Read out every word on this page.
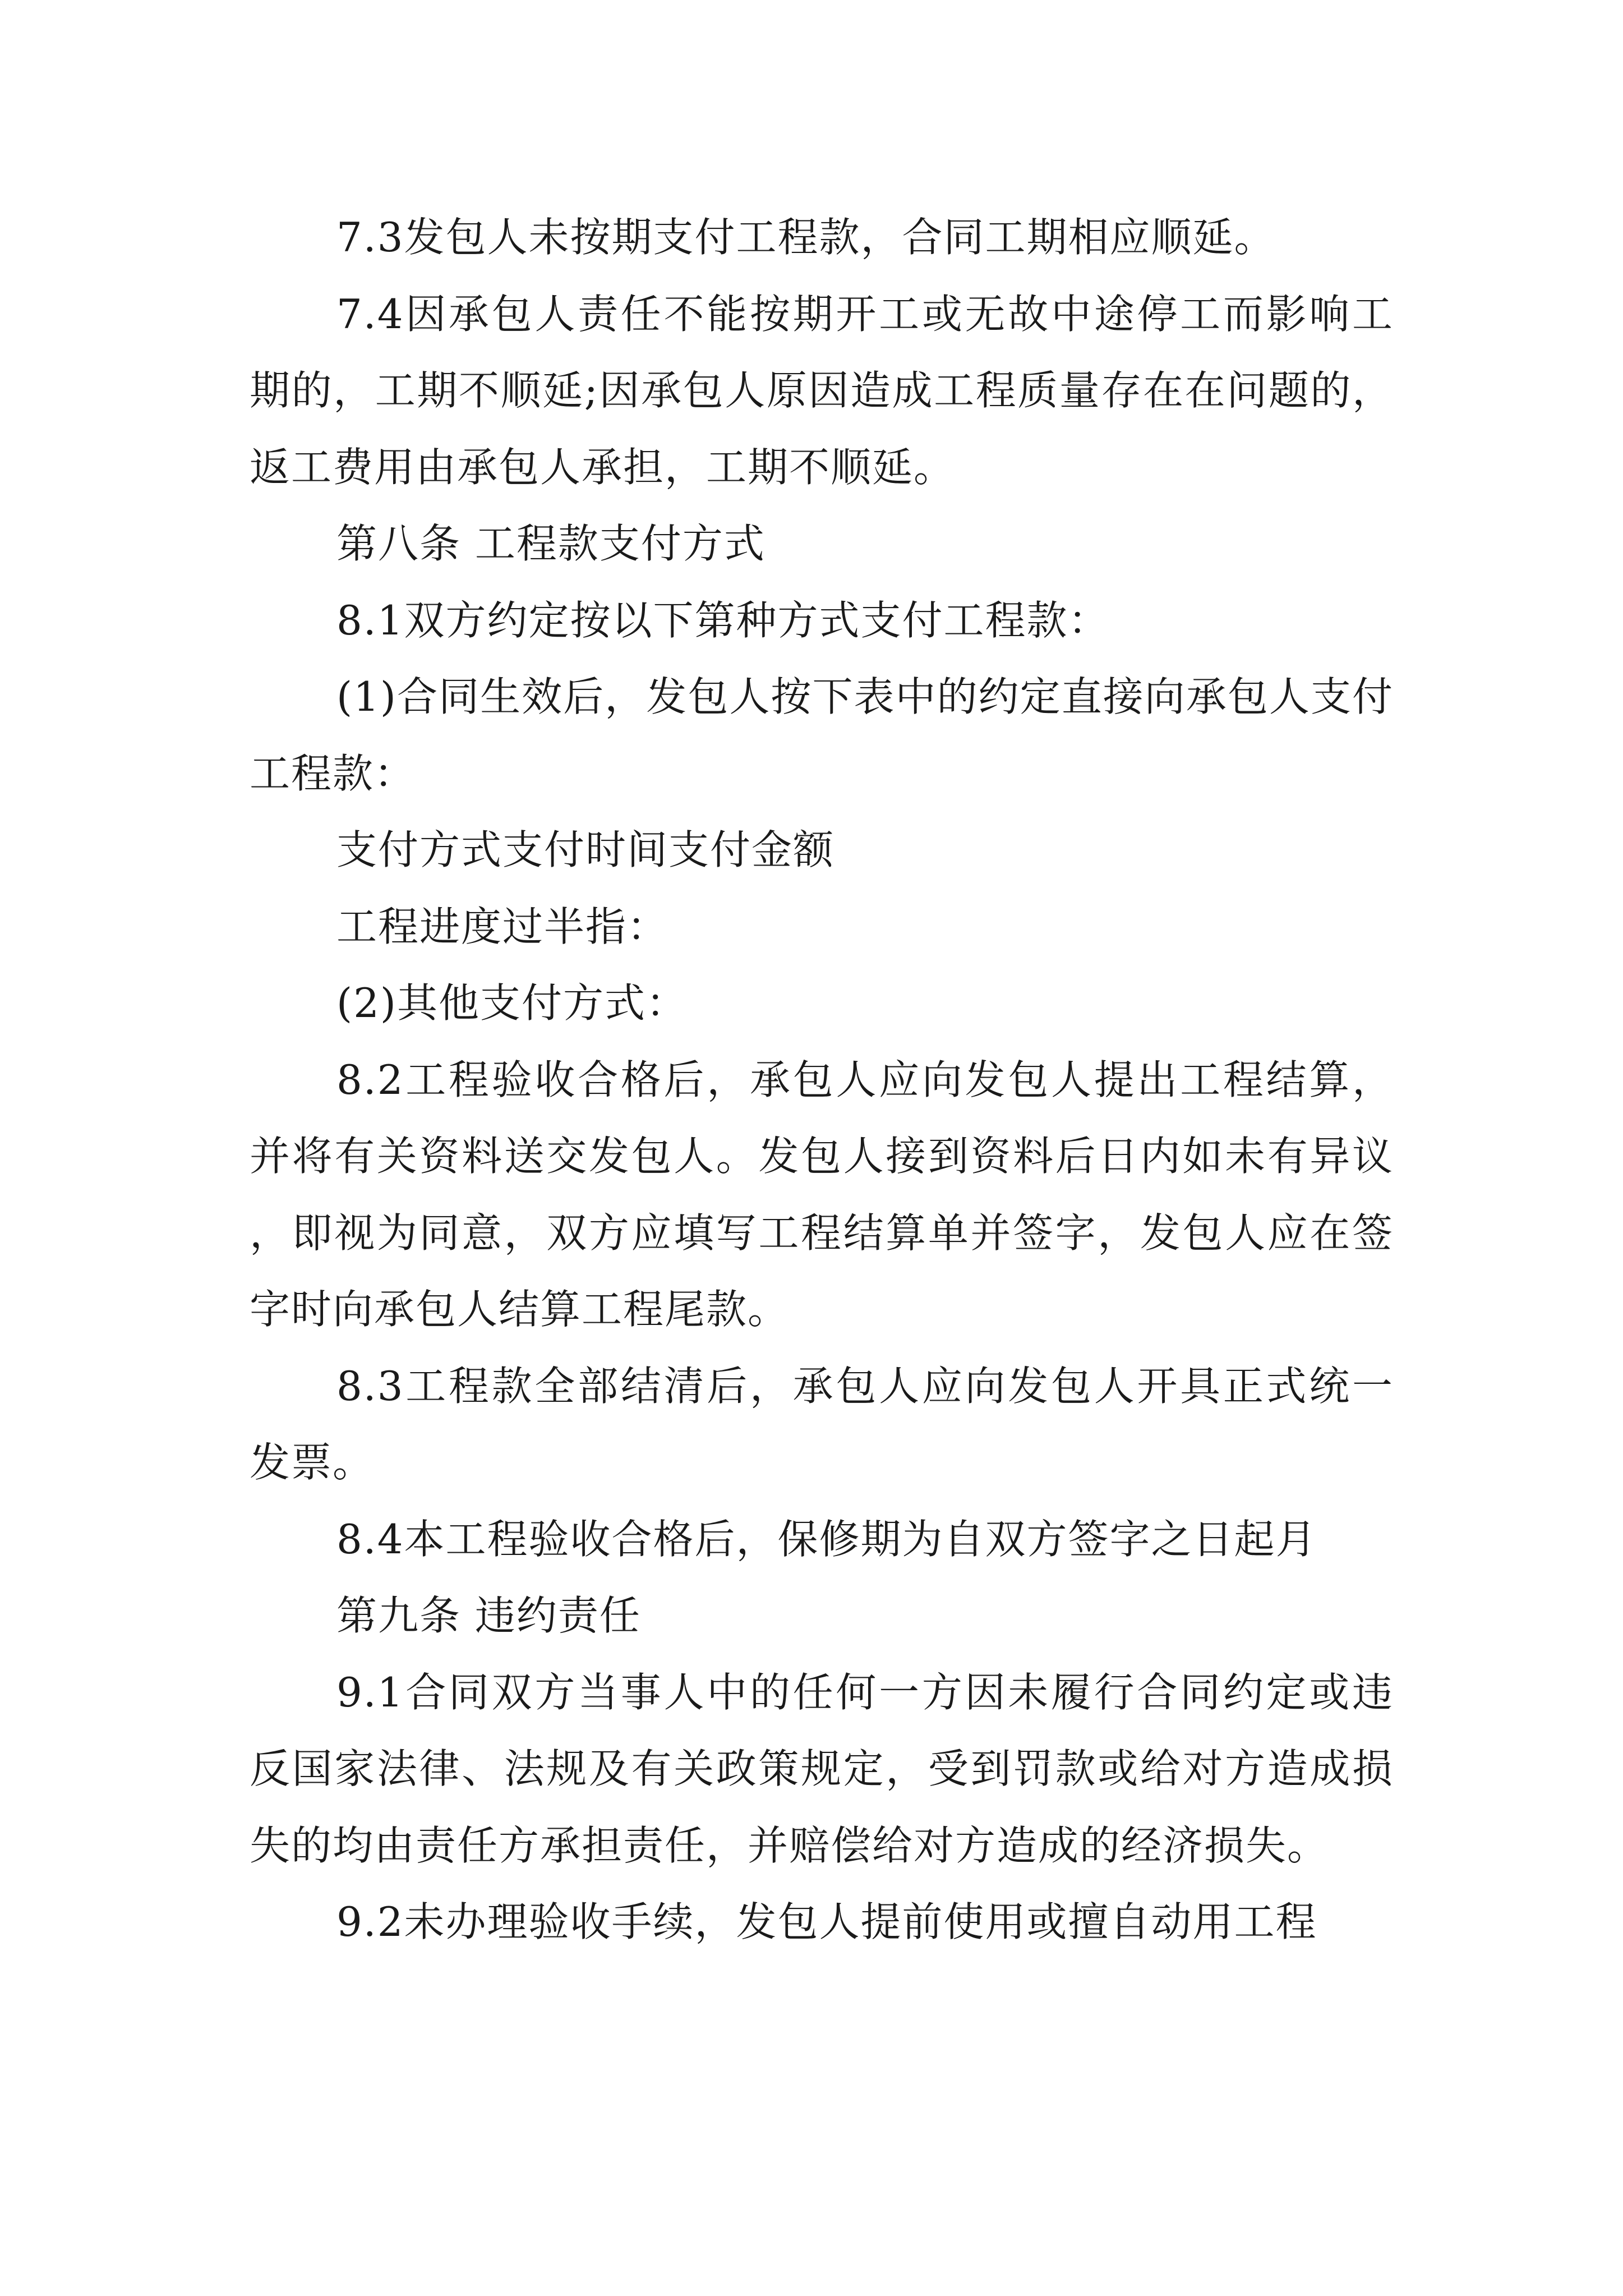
7.3发包人未按期支付工程款，合同工期相应顺延。

7.4因承包人责任不能按期开工或无故中途停工而影响工期的，工期不顺延;因承包人原因造成工程质量存在在问题的，返工费用由承包人承担，工期不顺延。

第八条 工程款支付方式

8.1双方约定按以下第种方式支付工程款：

(1)合同生效后，发包人按下表中的约定直接向承包人支付工程款：

支付方式支付时间支付金额

工程进度过半指：

(2)其他支付方式：

8.2工程验收合格后，承包人应向发包人提出工程结算，并将有关资料送交发包人。发包人接到资料后日内如未有异议，即视为同意，双方应填写工程结算单并签字，发包人应在签字时向承包人结算工程尾款。

8.3工程款全部结清后，承包人应向发包人开具正式统一发票。

8.4本工程验收合格后，保修期为自双方签字之日起月

第九条 违约责任

9.1合同双方当事人中的任何一方因未履行合同约定或违反国家法律、法规及有关政策规定，受到罚款或给对方造成损失的均由责任方承担责任，并赔偿给对方造成的经济损失。

9.2未办理验收手续，发包人提前使用或擅自动用工程
